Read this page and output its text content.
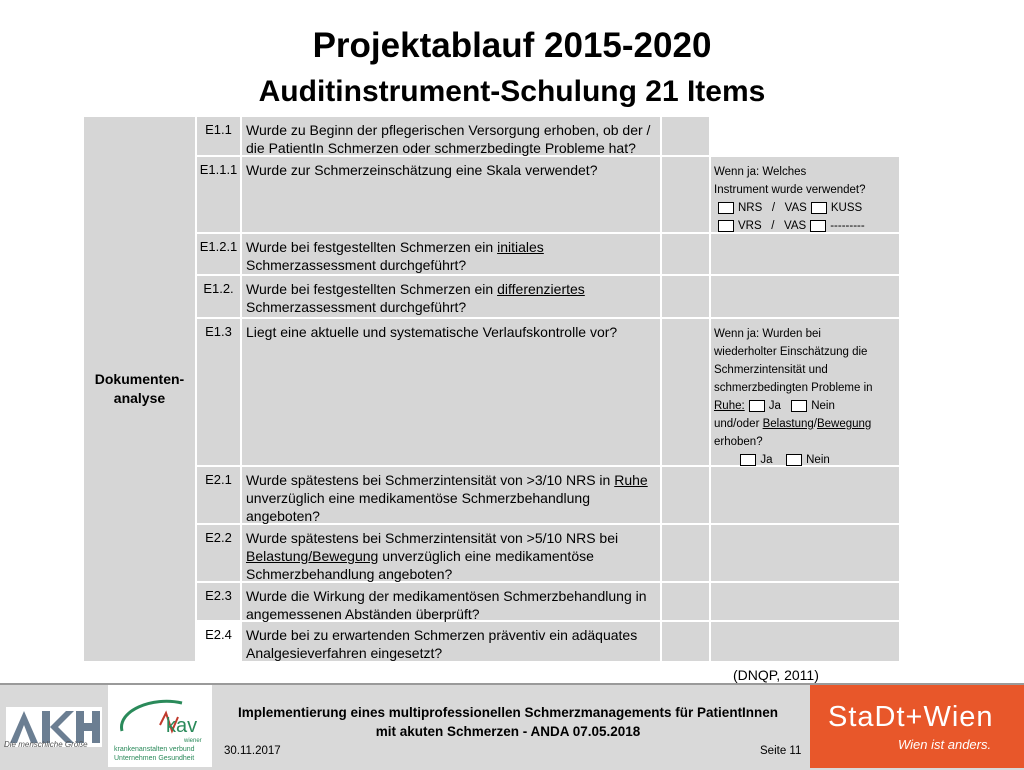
Projektablauf 2015-2020
Auditinstrument-Schulung 21 Items
Dokumenten-
analyse
E1.1	Wurde zu Beginn der pflegerischen Versorgung erhoben, ob der /
die PatientIn Schmerzen oder schmerzbedingte Probleme hat?
E1.1.1 Wurde zur Schmerzeinschätzung eine Skala verwendet?	Wenn ja: Welches
Instrument wurde verwendet?
NRS / VAS KUSS
VRS / VAS ---------
E1.2.1 Wurde bei festgestellten Schmerzen ein initiales
Schmerzassessment durchgeführt?
E1.2. Wurde bei festgestellten Schmerzen ein differenziertes
Schmerzassessment durchgeführt?
E1.3	Liegt eine aktuelle und systematische Verlaufskontrolle vor?	Wenn ja: Wurden bei
wiederholter Einschätzung die
Schmerzintensität und
schmerzbedingten Probleme in
Ruhe: Ja	Nein
und/oder Belastung/Bewegung
erhoben?
Ja	Nein
E2.1	Wurde spätestens bei Schmerzintensität von >3/10 NRS in Ruhe
unverzüglich eine medikamentöse Schmerzbehandlung
angeboten?
E2.2	Wurde spätestens bei Schmerzintensität von >5/10 NRS bei
Belastung/Bewegung unverzüglich eine medikamentöse
Schmerzbehandlung angeboten?
E2.3	Wurde die Wirkung der medikamentösen Schmerzbehandlung in
angemessenen Abständen überprüft?
E2.4	Wurde bei zu erwartenden Schmerzen präventiv ein adäquates
Analgesieverfahren eingesetzt?
(DNQP, 2011)
Die menschliche Größe
kav
wiener
krankenanstalten verbund
Unternehmen Gesundheit
Implementierung eines multiprofessionellen Schmerzmanagements für PatientInnen
mit akuten Schmerzen - ANDA 07.05.2018
30.11.2017	Seite 11
StaDt+Wien
Wien ist anders.
